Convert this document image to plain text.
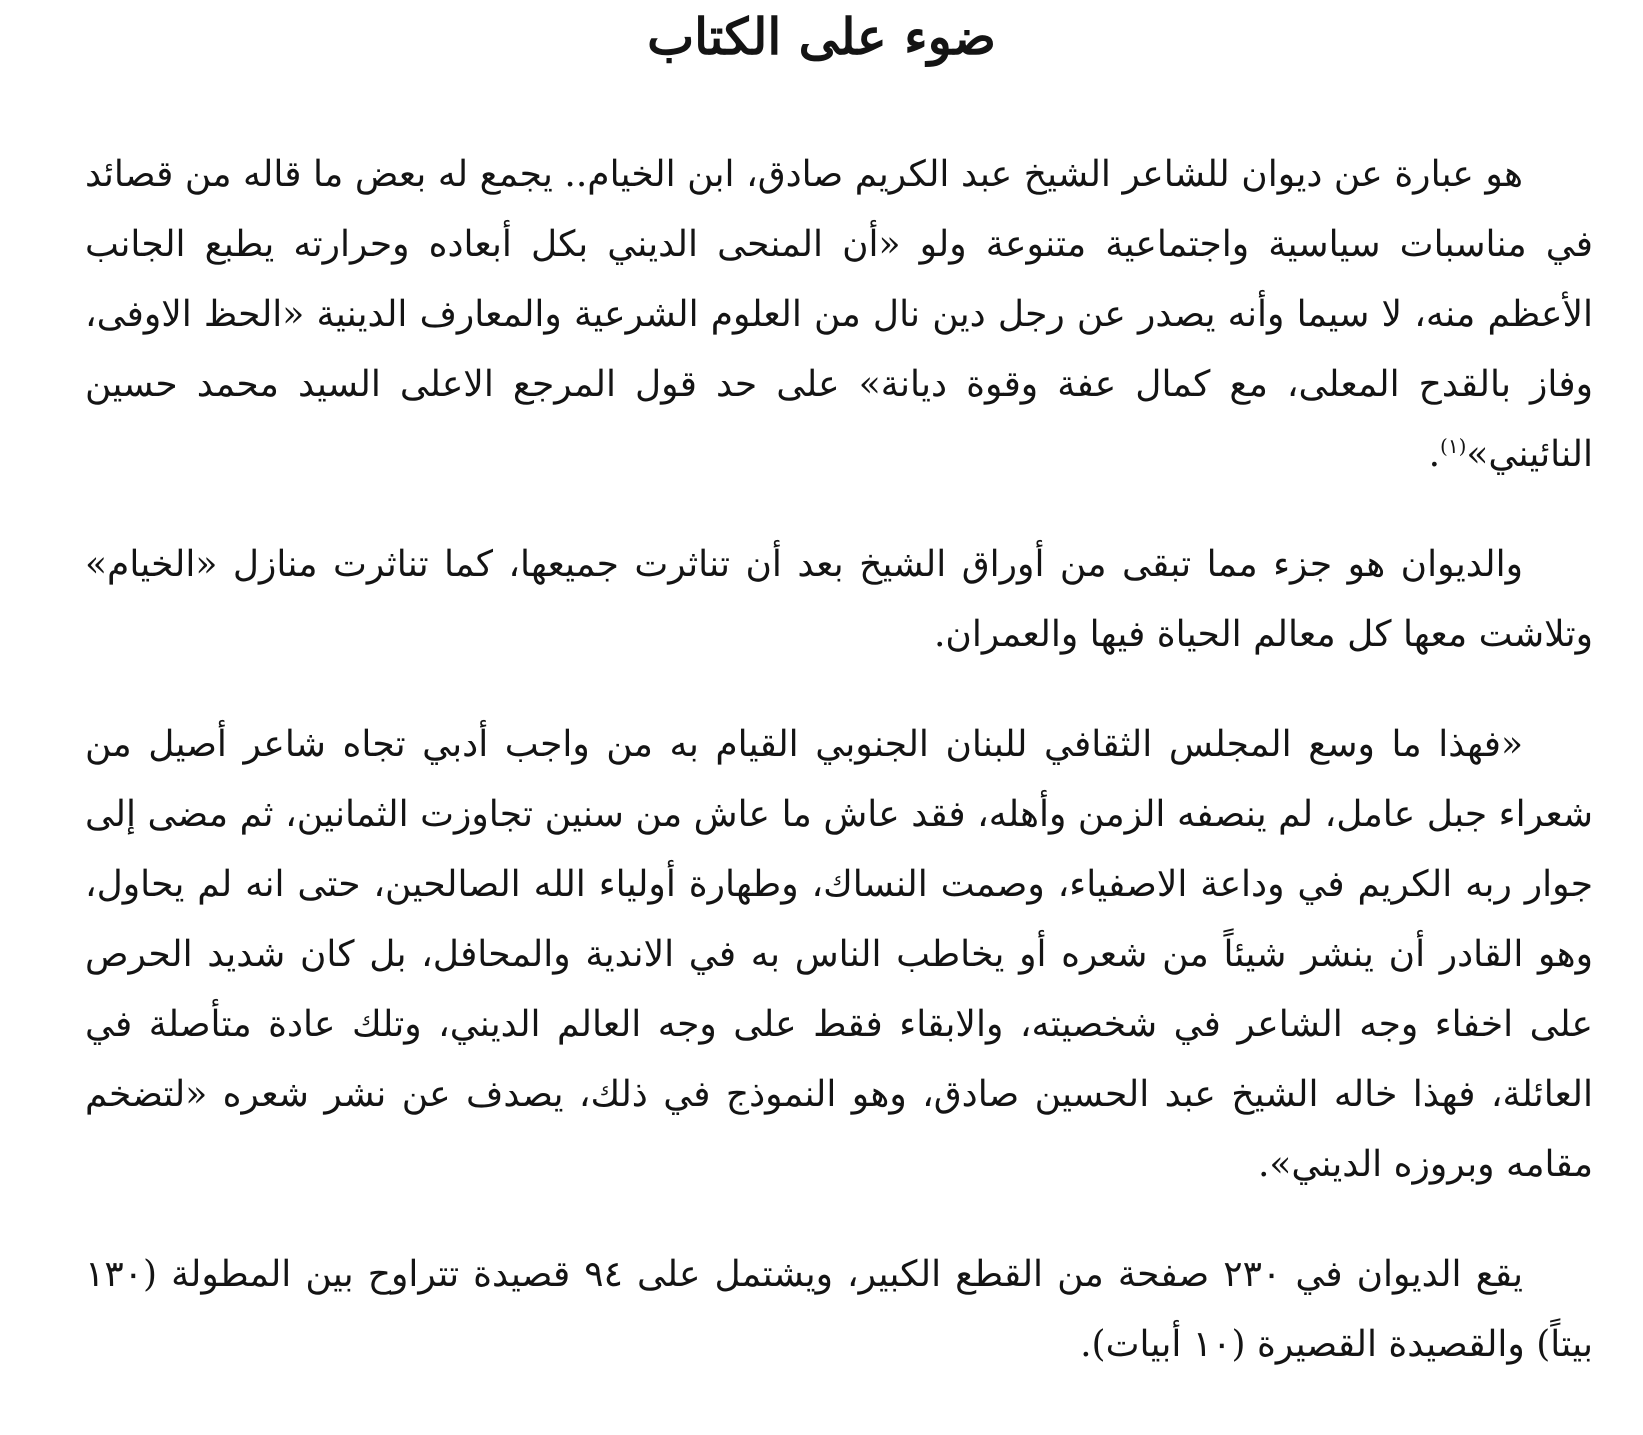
ضوء على الكتاب

هو عبارة عن ديوان للشاعر الشيخ عبد الكريم صادق، ابن الخيام.. يجمع له بعض ما قاله من قصائد في مناسبات سياسية واجتماعية متنوعة ولو «أن المنحى الديني بكل أبعاده وحرارته يطبع الجانب الأعظم منه، لا سيما وأنه يصدر عن رجل دين نال من العلوم الشرعية والمعارف الدينية «الحظ الاوفى، وفاز بالقدح المعلى، مع كمال عفة وقوة ديانة» على حد قول المرجع الاعلى السيد محمد حسين النائيني»$^{(١)}$.

والديوان هو جزء مما تبقى من أوراق الشيخ بعد أن تناثرت جميعها، كما تناثرت منازل «الخيام» وتلاشت معها كل معالم الحياة فيها والعمران.

«فهذا ما وسع المجلس الثقافي للبنان الجنوبي القيام به من واجب أدبي تجاه شاعر أصيل من شعراء جبل عامل، لم ينصفه الزمن وأهله، فقد عاش ما عاش من سنين تجاوزت الثمانين، ثم مضى إلى جوار ربه الكريم في وداعة الاصفياء، وصمت النساك، وطهارة أولياء الله الصالحين، حتى انه لم يحاول، وهو القادر أن ينشر شيئاً من شعره أو يخاطب الناس به في الاندية والمحافل، بل كان شديد الحرص على اخفاء وجه الشاعر في شخصيته، والابقاء فقط على وجه العالم الديني، وتلك عادة متأصلة في العائلة، فهذا خاله الشيخ عبد الحسين صادق، وهو النموذج في ذلك، يصدف عن نشر شعره «لتضخم مقامه وبروزه الديني».

يقع الديوان في ٢٣٠ صفحة من القطع الكبير، ويشتمل على ٩٤ قصيدة تتراوح بين المطولة (١٣٠ بيتاً) والقصيدة القصيرة (١٠ أبيات).
